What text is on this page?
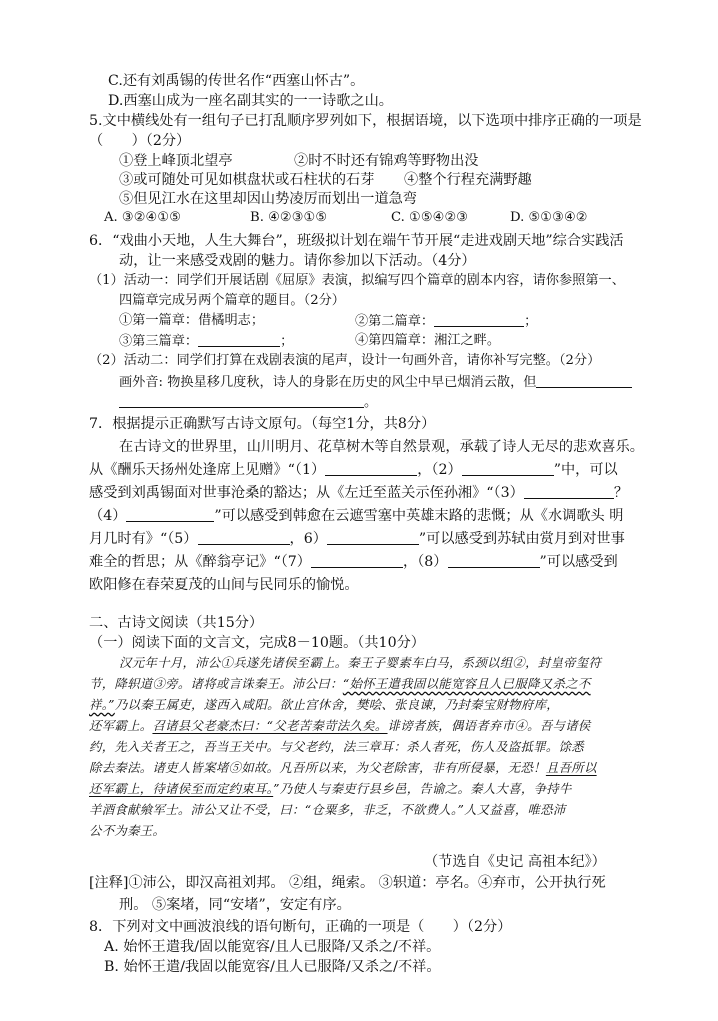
C.还有刘禹锡的传世名作“西塞山怀古”。
D.西塞山成为一座名副其实的一一诗歌之山。
5.文中横线处有一组句子已打乱顺序罗列如下，根据语境，以下选项中排序正确的一项是
（　　）（2分）
①登上峰顶北望亭	②时不时还有锦鸡等野物出没
③或可随处可见如棋盘状或石柱状的石芽 ④整个行程充满野趣
⑤但见江水在这里却因山势凌厉而划出一道急弯
A. ③②④①⑤	B. ④②③①⑤	C. ①⑤④②③	D. ⑤①③④②
6．“戏曲小天地，人生大舞台”，班级拟计划在端午节开展“走进戏剧天地”综合实践活
动，让一来感受戏剧的魅力。请你参加以下活动。（4分）
（1）活动一：同学们开展话剧《屈原》表演，拟编写四个篇章的剧本内容，请你参照第一、
四篇章完成另两个篇章的题目。（2分）
①第一篇章：借橘明志；	②第二篇章：	；
③第三篇章：	；	④第四篇章：湘江之畔。
（2）活动二：同学们打算在戏剧表演的尾声，设计一句画外音，请你补写完整。（2分）
画外音: 物换星移几度秋，诗人的身影在历史的风尘中早已烟消云散，但
。
7．根据提示正确默写古诗文原句。（每空1分，共8分）
在古诗文的世界里，山川明月、花草树木等自然景观，承载了诗人无尽的悲欢喜乐。
从《酬乐天扬州处逢席上见赠》“（1）	，（2）	”中，可以
感受到刘禹锡面对世事沧桑的豁达；从《左迁至蓝关示侄孙湘》“（3）	？
（4）	”可以感受到韩愈在云遮雪塞中英雄末路的悲慨；从《水调歌头 明
月几时有》“（5）	，6）	”可以感受到苏轼由赏月到对世事
难全的哲思；从《醉翁亭记》“（7）	，（8）	”可以感受到
欧阳修在春荣夏茂的山间与民同乐的愉悦。
二、古诗文阅读（共15分）
（一）阅读下面的文言文，完成8－10题。（共10分）
汉元年十月，沛公①兵遂先诸侯至霸上。秦王子婴素车白马，系颈以组②，封皇帝玺符
节，降轵道③旁。诸将或言诛秦王。沛公曰：“始怀王遣我固以能宽容且人已服降又杀之不
祥。”乃以秦王属吏，遂西入咸阳。欲止宫休舍，樊哙、张良谏，乃封秦宝财物府库，
还军霸上。召诸县父老豪杰曰：“父老苦秦苛法久矣。诽谤者族，偶语者弃市④。吾与诸侯
约，先入关者王之，吾当王关中。与父老约，法三章耳：杀人者死，伤人及盗抵罪。馀悉
除去秦法。诸吏人皆案堵⑤如故。凡吾所以来，为父老除害，非有所侵暴，无恐！且吾所以
还军霸上，待诸侯至而定约束耳。”乃使人与秦吏行县乡邑，告谕之。秦人大喜，争持牛
羊酒食献飨军士。沛公又让不受，曰：“仓粟多，非乏，不欲费人。”人又益喜，唯恐沛
公不为秦王。
（节选自《史记 高祖本纪》）
[注释]①沛公，即汉高祖刘邦。 ②组，绳索。 ③轵道：亭名。④弃市，公开执行死
刑。 ⑤案堵，同“安堵”，安定有序。
8．下列对文中画波浪线的语句断句，正确的一项是（　　）（2分）
A. 始怀王遣我/固以能宽容/且人已服降/又杀之/不祥。
B. 始怀王遣/我固以能宽容/且人已服降/又杀之/不祥。
